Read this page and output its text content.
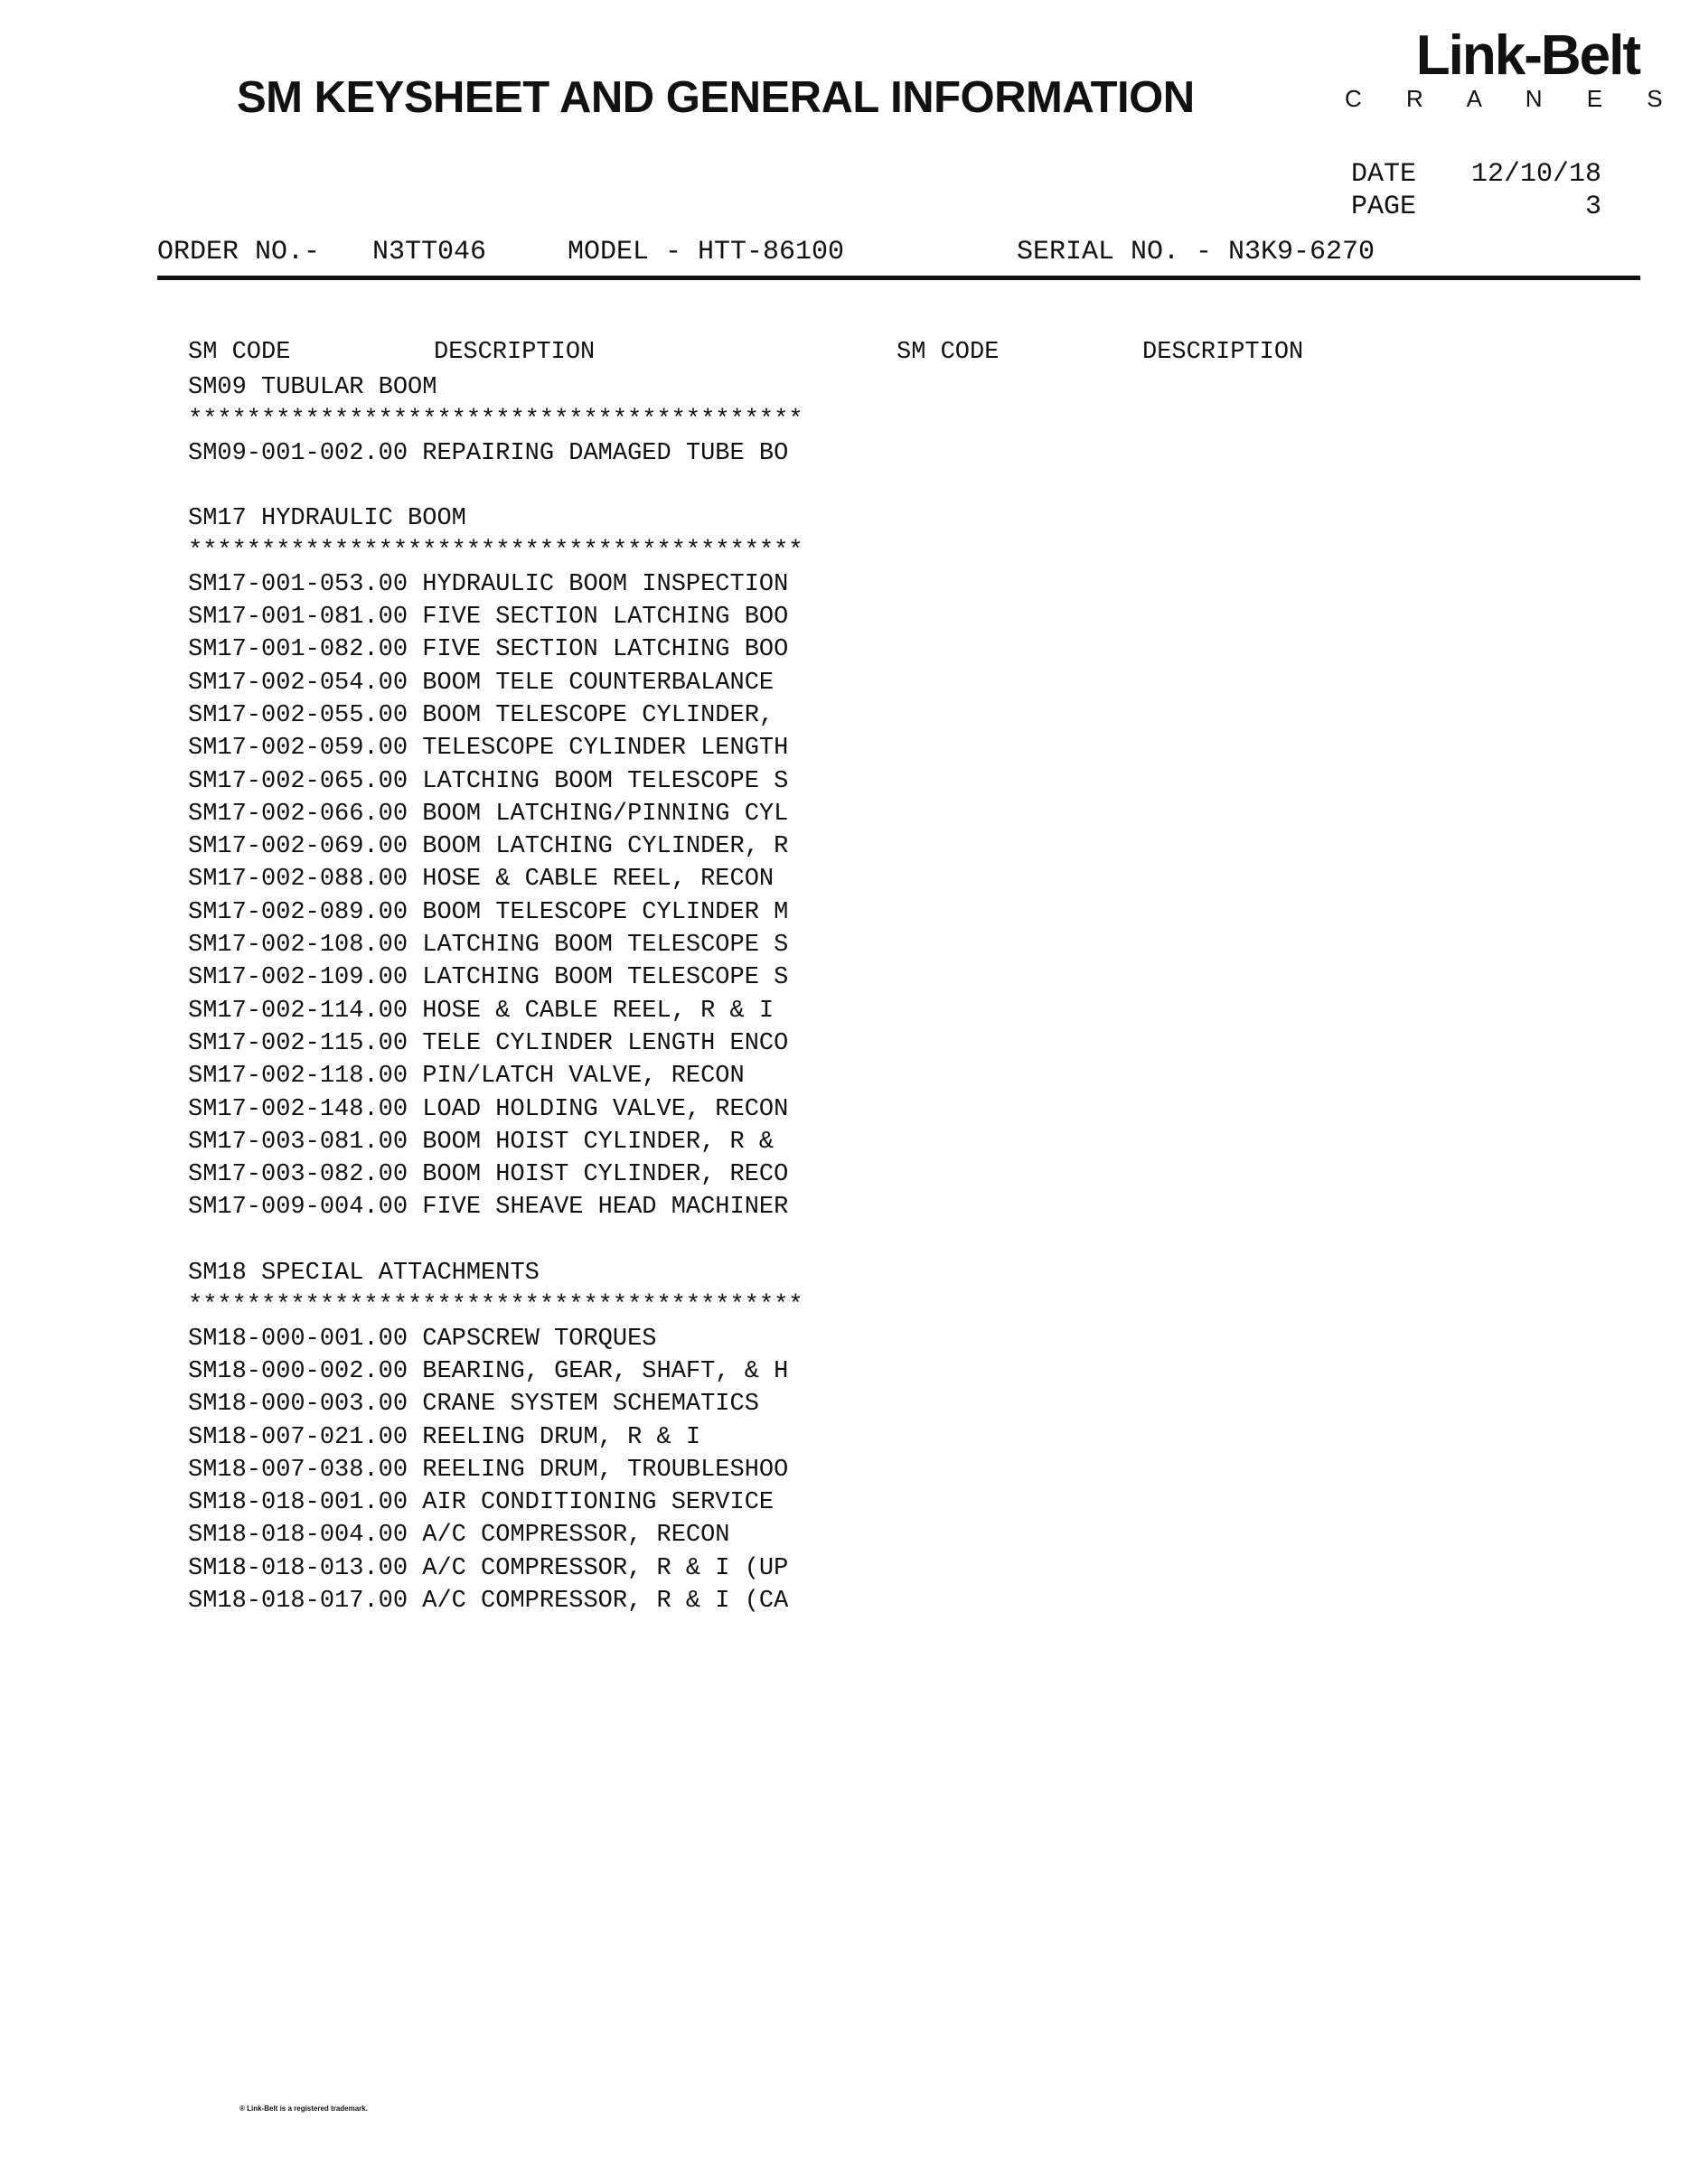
SM KEYSHEET AND GENERAL INFORMATION
Link-Belt
C R A N E S
DATE	12/10/18
PAGE	3
ORDER NO.- N3TT046	MODEL - HTT-86100	SERIAL NO. - N3K9-6270
SM CODE	DESCRIPTION	SM CODE	DESCRIPTION
SM09 TUBULAR BOOM
******************************************
SM09-001-002.00 REPAIRING DAMAGED TUBE BO
SM17 HYDRAULIC BOOM
******************************************
SM17-001-053.00 HYDRAULIC BOOM INSPECTION
SM17-001-081.00 FIVE SECTION LATCHING BOO
SM17-001-082.00 FIVE SECTION LATCHING BOO
SM17-002-054.00 BOOM TELE COUNTERBALANCE
SM17-002-055.00 BOOM TELESCOPE CYLINDER,
SM17-002-059.00 TELESCOPE CYLINDER LENGTH
SM17-002-065.00 LATCHING BOOM TELESCOPE S
SM17-002-066.00 BOOM LATCHING/PINNING CYL
SM17-002-069.00 BOOM LATCHING CYLINDER, R
SM17-002-088.00 HOSE & CABLE REEL, RECON
SM17-002-089.00 BOOM TELESCOPE CYLINDER M
SM17-002-108.00 LATCHING BOOM TELESCOPE S
SM17-002-109.00 LATCHING BOOM TELESCOPE S
SM17-002-114.00 HOSE & CABLE REEL, R & I
SM17-002-115.00 TELE CYLINDER LENGTH ENCO
SM17-002-118.00 PIN/LATCH VALVE, RECON
SM17-002-148.00 LOAD HOLDING VALVE, RECON
SM17-003-081.00 BOOM HOIST CYLINDER, R &
SM17-003-082.00 BOOM HOIST CYLINDER, RECO
SM17-009-004.00 FIVE SHEAVE HEAD MACHINER
SM18 SPECIAL ATTACHMENTS
******************************************
SM18-000-001.00 CAPSCREW TORQUES
SM18-000-002.00 BEARING, GEAR, SHAFT, & H
SM18-000-003.00 CRANE SYSTEM SCHEMATICS
SM18-007-021.00 REELING DRUM, R & I
SM18-007-038.00 REELING DRUM, TROUBLESHOO
SM18-018-001.00 AIR CONDITIONING SERVICE
SM18-018-004.00 A/C COMPRESSOR, RECON
SM18-018-013.00 A/C COMPRESSOR, R & I (UP
SM18-018-017.00 A/C COMPRESSOR, R & I (CA
® Link-Belt is a registered trademark.
